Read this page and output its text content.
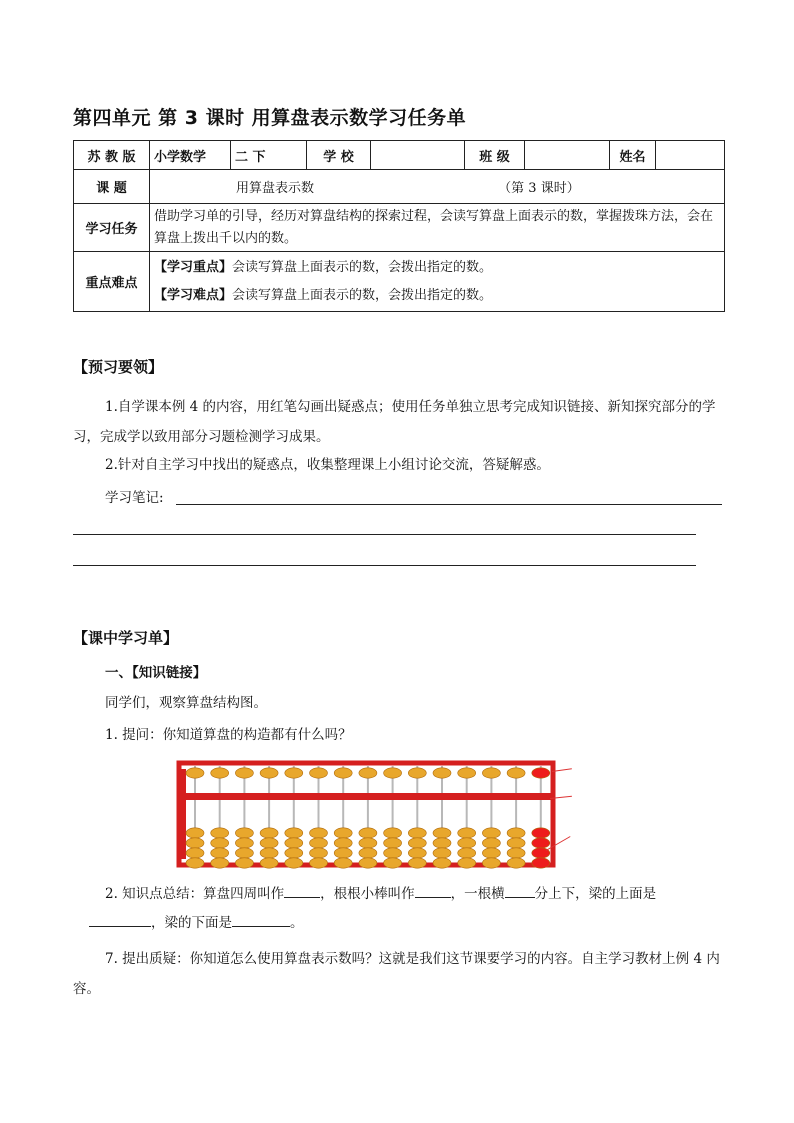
第四单元 第 3 课时 用算盘表示数学习任务单
苏 教 版	小学数学	二 下	学 校		班 级		姓名	
课 题	用算盘表示数 （第 3 课时）							
学习任务	借助学习单的引导，经历对算盘结构的探索过程，会读写算盘上面表示的数，掌握拨珠方法，会在算盘上拨出千以内的数。							
重点难点	【学习重点】会读写算盘上面表示的数，会拨出指定的数。
【学习难点】会读写算盘上面表示的数，会拨出指定的数。							
【预习要领】
1.自学课本例 4 的内容，用红笔勾画出疑惑点；使用任务单独立思考完成知识链接、新知探究部分的学习，完成学以致用部分习题检测学习成果。
2.针对自主学习中找出的疑惑点，收集整理课上小组讨论交流，答疑解惑。
学习笔记:
【课中学习单】
一、【知识链接】
同学们，观察算盘结构图。
1. 提问：你知道算盘的构造都有什么吗？
2. 知识点总结：算盘四周叫作	，根根小棒叫作	，一根横 分上下，梁的上面是
，梁的下面是	。
7. 提出质疑：你知道怎么使用算盘表示数吗？这就是我们这节课要学习的内容。自主学习教材上例 4 内容。
